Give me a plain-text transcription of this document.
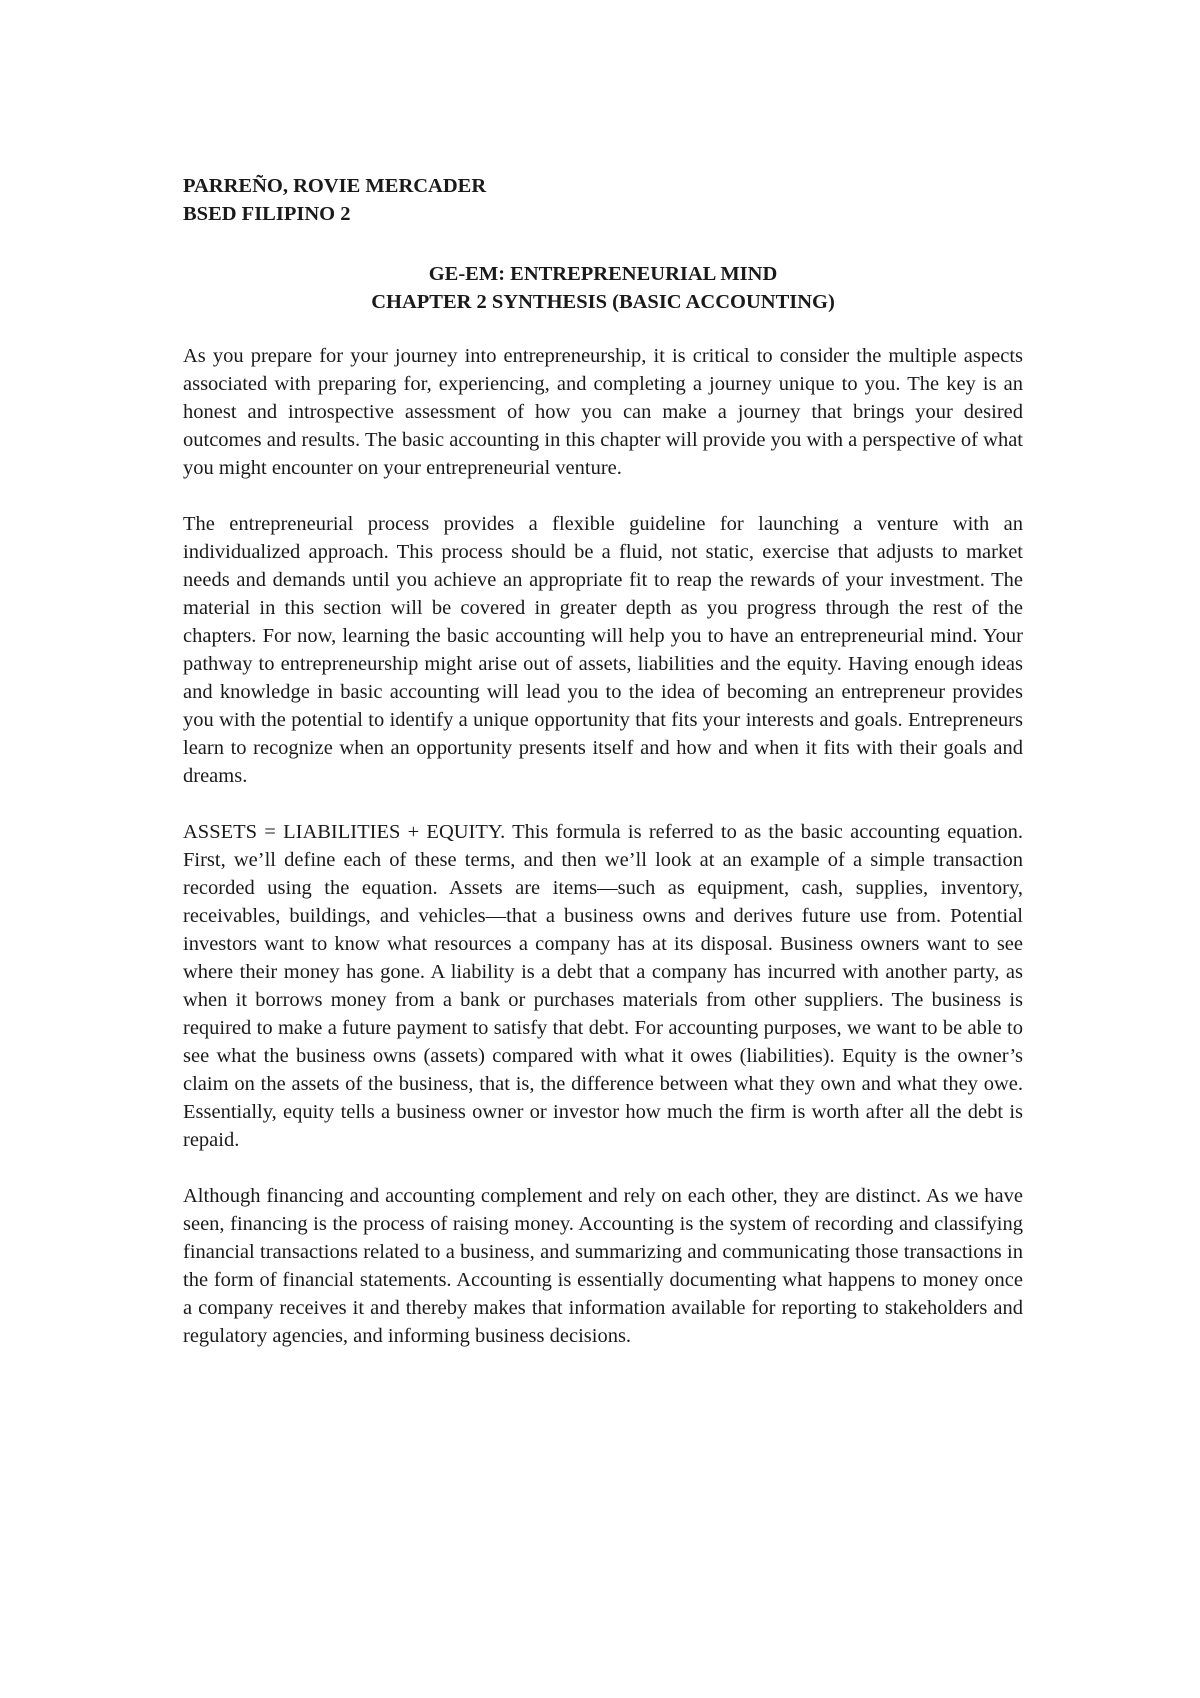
PARREÑO, ROVIE MERCADER
BSED FILIPINO 2
GE-EM: ENTREPRENEURIAL MIND
CHAPTER 2 SYNTHESIS (BASIC ACCOUNTING)

As you prepare for your journey into entrepreneurship, it is critical to consider the multiple aspects associated with preparing for, experiencing, and completing a journey unique to you. The key is an honest and introspective assessment of how you can make a journey that brings your desired outcomes and results. The basic accounting in this chapter will provide you with a perspective of what you might encounter on your entrepreneurial venture.

The entrepreneurial process provides a flexible guideline for launching a venture with an individualized approach. This process should be a fluid, not static, exercise that adjusts to market needs and demands until you achieve an appropriate fit to reap the rewards of your investment. The material in this section will be covered in greater depth as you progress through the rest of the chapters. For now, learning the basic accounting will help you to have an entrepreneurial mind. Your pathway to entrepreneurship might arise out of assets, liabilities and the equity. Having enough ideas and knowledge in basic accounting will lead you to the idea of becoming an entrepreneur provides you with the potential to identify a unique opportunity that fits your interests and goals. Entrepreneurs learn to recognize when an opportunity presents itself and how and when it fits with their goals and dreams.

ASSETS = LIABILITIES + EQUITY. This formula is referred to as the basic accounting equation. First, we’ll define each of these terms, and then we’ll look at an example of a simple transaction recorded using the equation. Assets are items—such as equipment, cash, supplies, inventory, receivables, buildings, and vehicles—that a business owns and derives future use from. Potential investors want to know what resources a company has at its disposal. Business owners want to see where their money has gone. A liability is a debt that a company has incurred with another party, as when it borrows money from a bank or purchases materials from other suppliers. The business is required to make a future payment to satisfy that debt. For accounting purposes, we want to be able to see what the business owns (assets) compared with what it owes (liabilities). Equity is the owner’s claim on the assets of the business, that is, the difference between what they own and what they owe. Essentially, equity tells a business owner or investor how much the firm is worth after all the debt is repaid.

Although financing and accounting complement and rely on each other, they are distinct. As we have seen, financing is the process of raising money. Accounting is the system of recording and classifying financial transactions related to a business, and summarizing and communicating those transactions in the form of financial statements. Accounting is essentially documenting what happens to money once a company receives it and thereby makes that information available for reporting to stakeholders and regulatory agencies, and informing business decisions.
